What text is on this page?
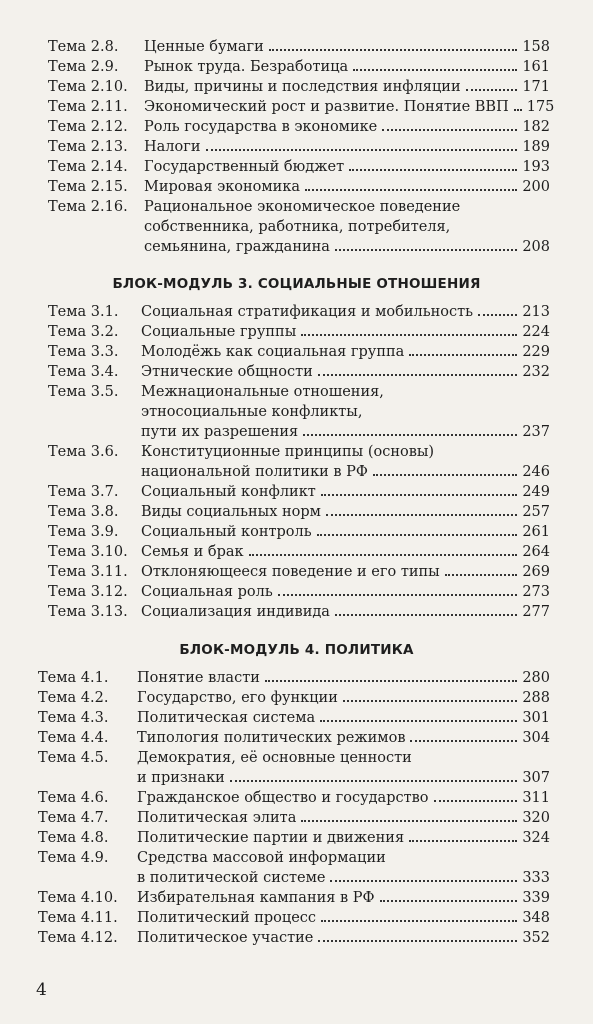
Тема 2.8. Ценные бумаги	158
Тема 2.9. Рынок труда. Безработица	161
Тема 2.10. Виды, причины и последствия инфляции	171
Тема 2.11. Экономический рост и развитие. Понятие ВВП 175
Тема 2.12. Роль государства в экономике	182
Тема 2.13. Налоги	189
Тема 2.14. Государственный бюджет	193
Тема 2.15. Мировая экономика	200
Тема 2.16. Рациональное экономическое поведение
собственника, работника, потребителя,
семьянина, гражданина	208
БЛОК-МОДУЛЬ 3. СОЦИАЛЬНЫЕ ОТНОШЕНИЯ
Тема 3.1. Социальная стратификация и мобильность	213
Тема 3.2. Социальные группы	224
Тема 3.3. Молодёжь как социальная группа	229
Тема 3.4. Этнические общности	232
Тема 3.5. Межнациональные отношения,
этносоциальные конфликты,
пути их разрешения	237
Тема 3.6. Конституционные принципы (основы)
национальной политики в РФ	246
Тема 3.7. Социальный конфликт	249
Тема 3.8. Виды социальных норм	257
Тема 3.9. Социальный контроль	261
Тема 3.10. Семья и брак	264
Тема 3.11. Отклоняющееся поведение и его типы	269
Тема 3.12. Социальная роль	273
Тема 3.13. Социализация индивида	277
БЛОК-МОДУЛЬ 4. ПОЛИТИКА
Тема 4.1. Понятие власти	280
Тема 4.2. Государство, его функции	288
Тема 4.3. Политическая система	301
Тема 4.4. Типология политических режимов	304
Тема 4.5. Демократия, её основные ценности
и признаки	307
Тема 4.6. Гражданское общество и государство	311
Тема 4.7. Политическая элита	320
Тема 4.8. Политические партии и движения	324
Тема 4.9. Средства массовой информации
в политической системе	333
Тема 4.10. Избирательная кампания в РФ	339
Тема 4.11. Политический процесс	348
Тема 4.12. Политическое участие	352
4
